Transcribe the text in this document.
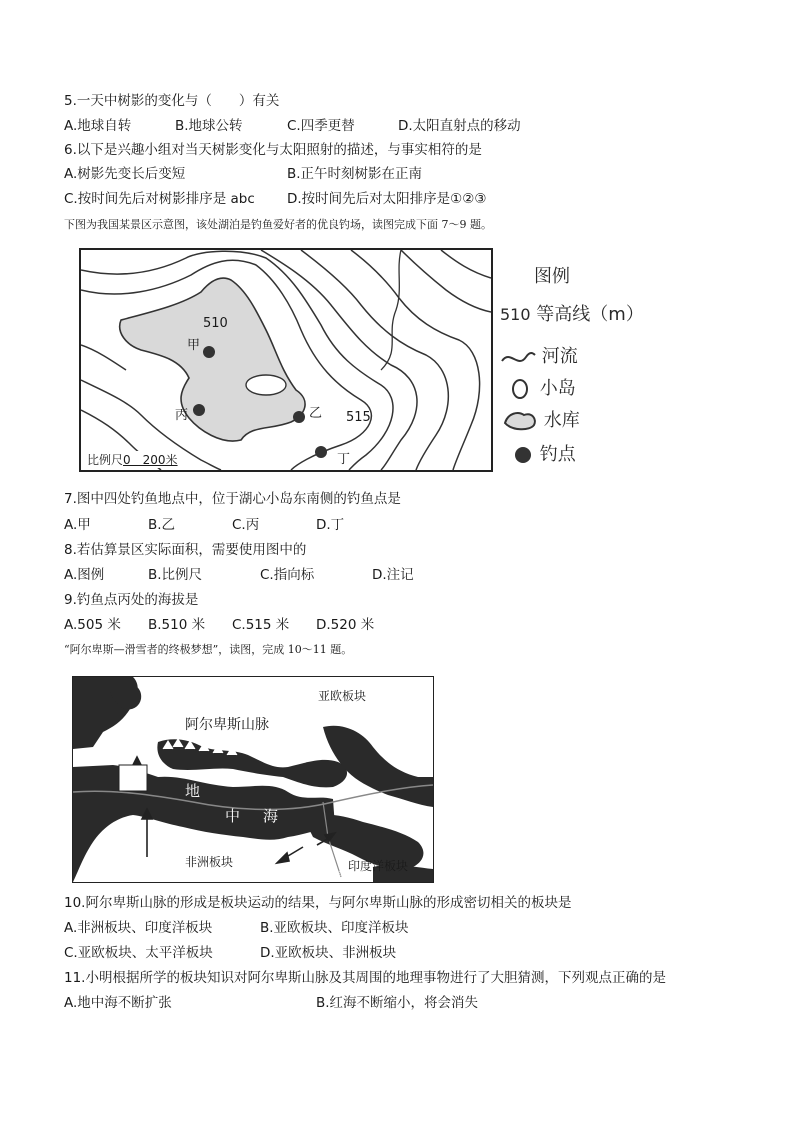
5.一天中树影的变化与（　　）有关
A.地球自转	B.地球公转	C.四季更替	D.太阳直射点的移动
6.以下是兴趣小组对当天树影变化与太阳照射的描述，与事实相符的是
A.树影先变长后变短	B.正午时刻树影在正南
C.按时间先后对树影排序是 abc D.按时间先后对太阳排序是①②③
下图为我国某景区示意图，该处湖泊是钓鱼爱好者的优良钓场，读图完成下面 7～9 题。
510
甲
丙	乙 515
丁
比例尺0　200米
图例
510 等高线（m）
河流
小岛
水库
钓点
7.图中四处钓鱼地点中，位于湖心小岛东南侧的钓鱼点是
A.甲	B.乙	C.丙	D.丁
8.若估算景区实际面积，需要使用图中的
A.图例	B.比例尺	C.指向标	D.注记
9.钓鱼点丙处的海拔是
A.505 米 B.510 米 C.515 米 D.520 米
“阿尔卑斯—滑雪者的终极梦想”，读图，完成 10～11 题。
亚欧板块
阿尔卑斯山脉
地
中 海
非洲板块	印度洋板块
红海
10.阿尔卑斯山脉的形成是板块运动的结果，与阿尔卑斯山脉的形成密切相关的板块是
A.非洲板块、印度洋板块	B.亚欧板块、印度洋板块
C.亚欧板块、太平洋板块	D.亚欧板块、非洲板块
11.小明根据所学的板块知识对阿尔卑斯山脉及其周围的地理事物进行了大胆猜测，下列观点正确的是
A.地中海不断扩张	B.红海不断缩小，将会消失
